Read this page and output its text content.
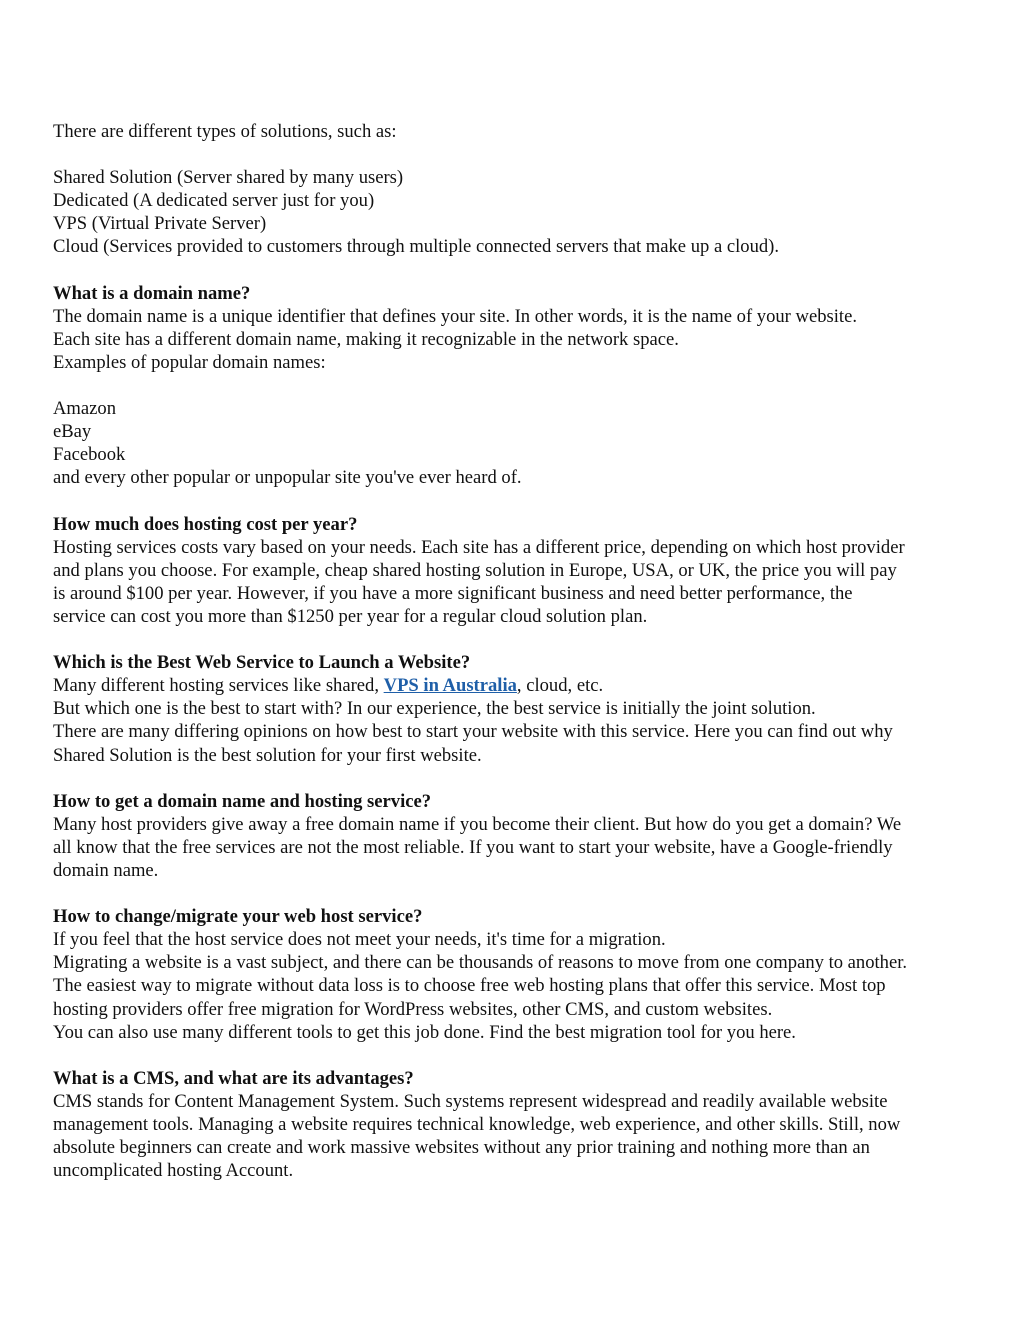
There are different types of solutions, such as:
Shared Solution (Server shared by many users)
Dedicated (A dedicated server just for you)
VPS (Virtual Private Server)
Cloud (Services provided to customers through multiple connected servers that make up a cloud).
What is a domain name?
The domain name is a unique identifier that defines your site. In other words, it is the name of your website.
Each site has a different domain name, making it recognizable in the network space.
Examples of popular domain names:
Amazon
eBay
Facebook
and every other popular or unpopular site you've ever heard of.
How much does hosting cost per year?
Hosting services costs vary based on your needs. Each site has a different price, depending on which host provider
and plans you choose. For example, cheap shared hosting solution in Europe, USA, or UK, the price you will pay
is around $100 per year. However, if you have a more significant business and need better performance, the
service can cost you more than $1250 per year for a regular cloud solution plan.
Which is the Best Web Service to Launch a Website?
Many different hosting services like shared, VPS in Australia, cloud, etc.
But which one is the best to start with? In our experience, the best service is initially the joint solution.
There are many differing opinions on how best to start your website with this service. Here you can find out why
Shared Solution is the best solution for your first website.
How to get a domain name and hosting service?
Many host providers give away a free domain name if you become their client. But how do you get a domain? We
all know that the free services are not the most reliable. If you want to start your website, have a Google-friendly
domain name.
How to change/migrate your web host service?
If you feel that the host service does not meet your needs, it's time for a migration.
Migrating a website is a vast subject, and there can be thousands of reasons to move from one company to another.
The easiest way to migrate without data loss is to choose free web hosting plans that offer this service. Most top
hosting providers offer free migration for WordPress websites, other CMS, and custom websites.
You can also use many different tools to get this job done. Find the best migration tool for you here.
What is a CMS, and what are its advantages?
CMS stands for Content Management System. Such systems represent widespread and readily available website
management tools. Managing a website requires technical knowledge, web experience, and other skills. Still, now
absolute beginners can create and work massive websites without any prior training and nothing more than an
uncomplicated hosting Account.
